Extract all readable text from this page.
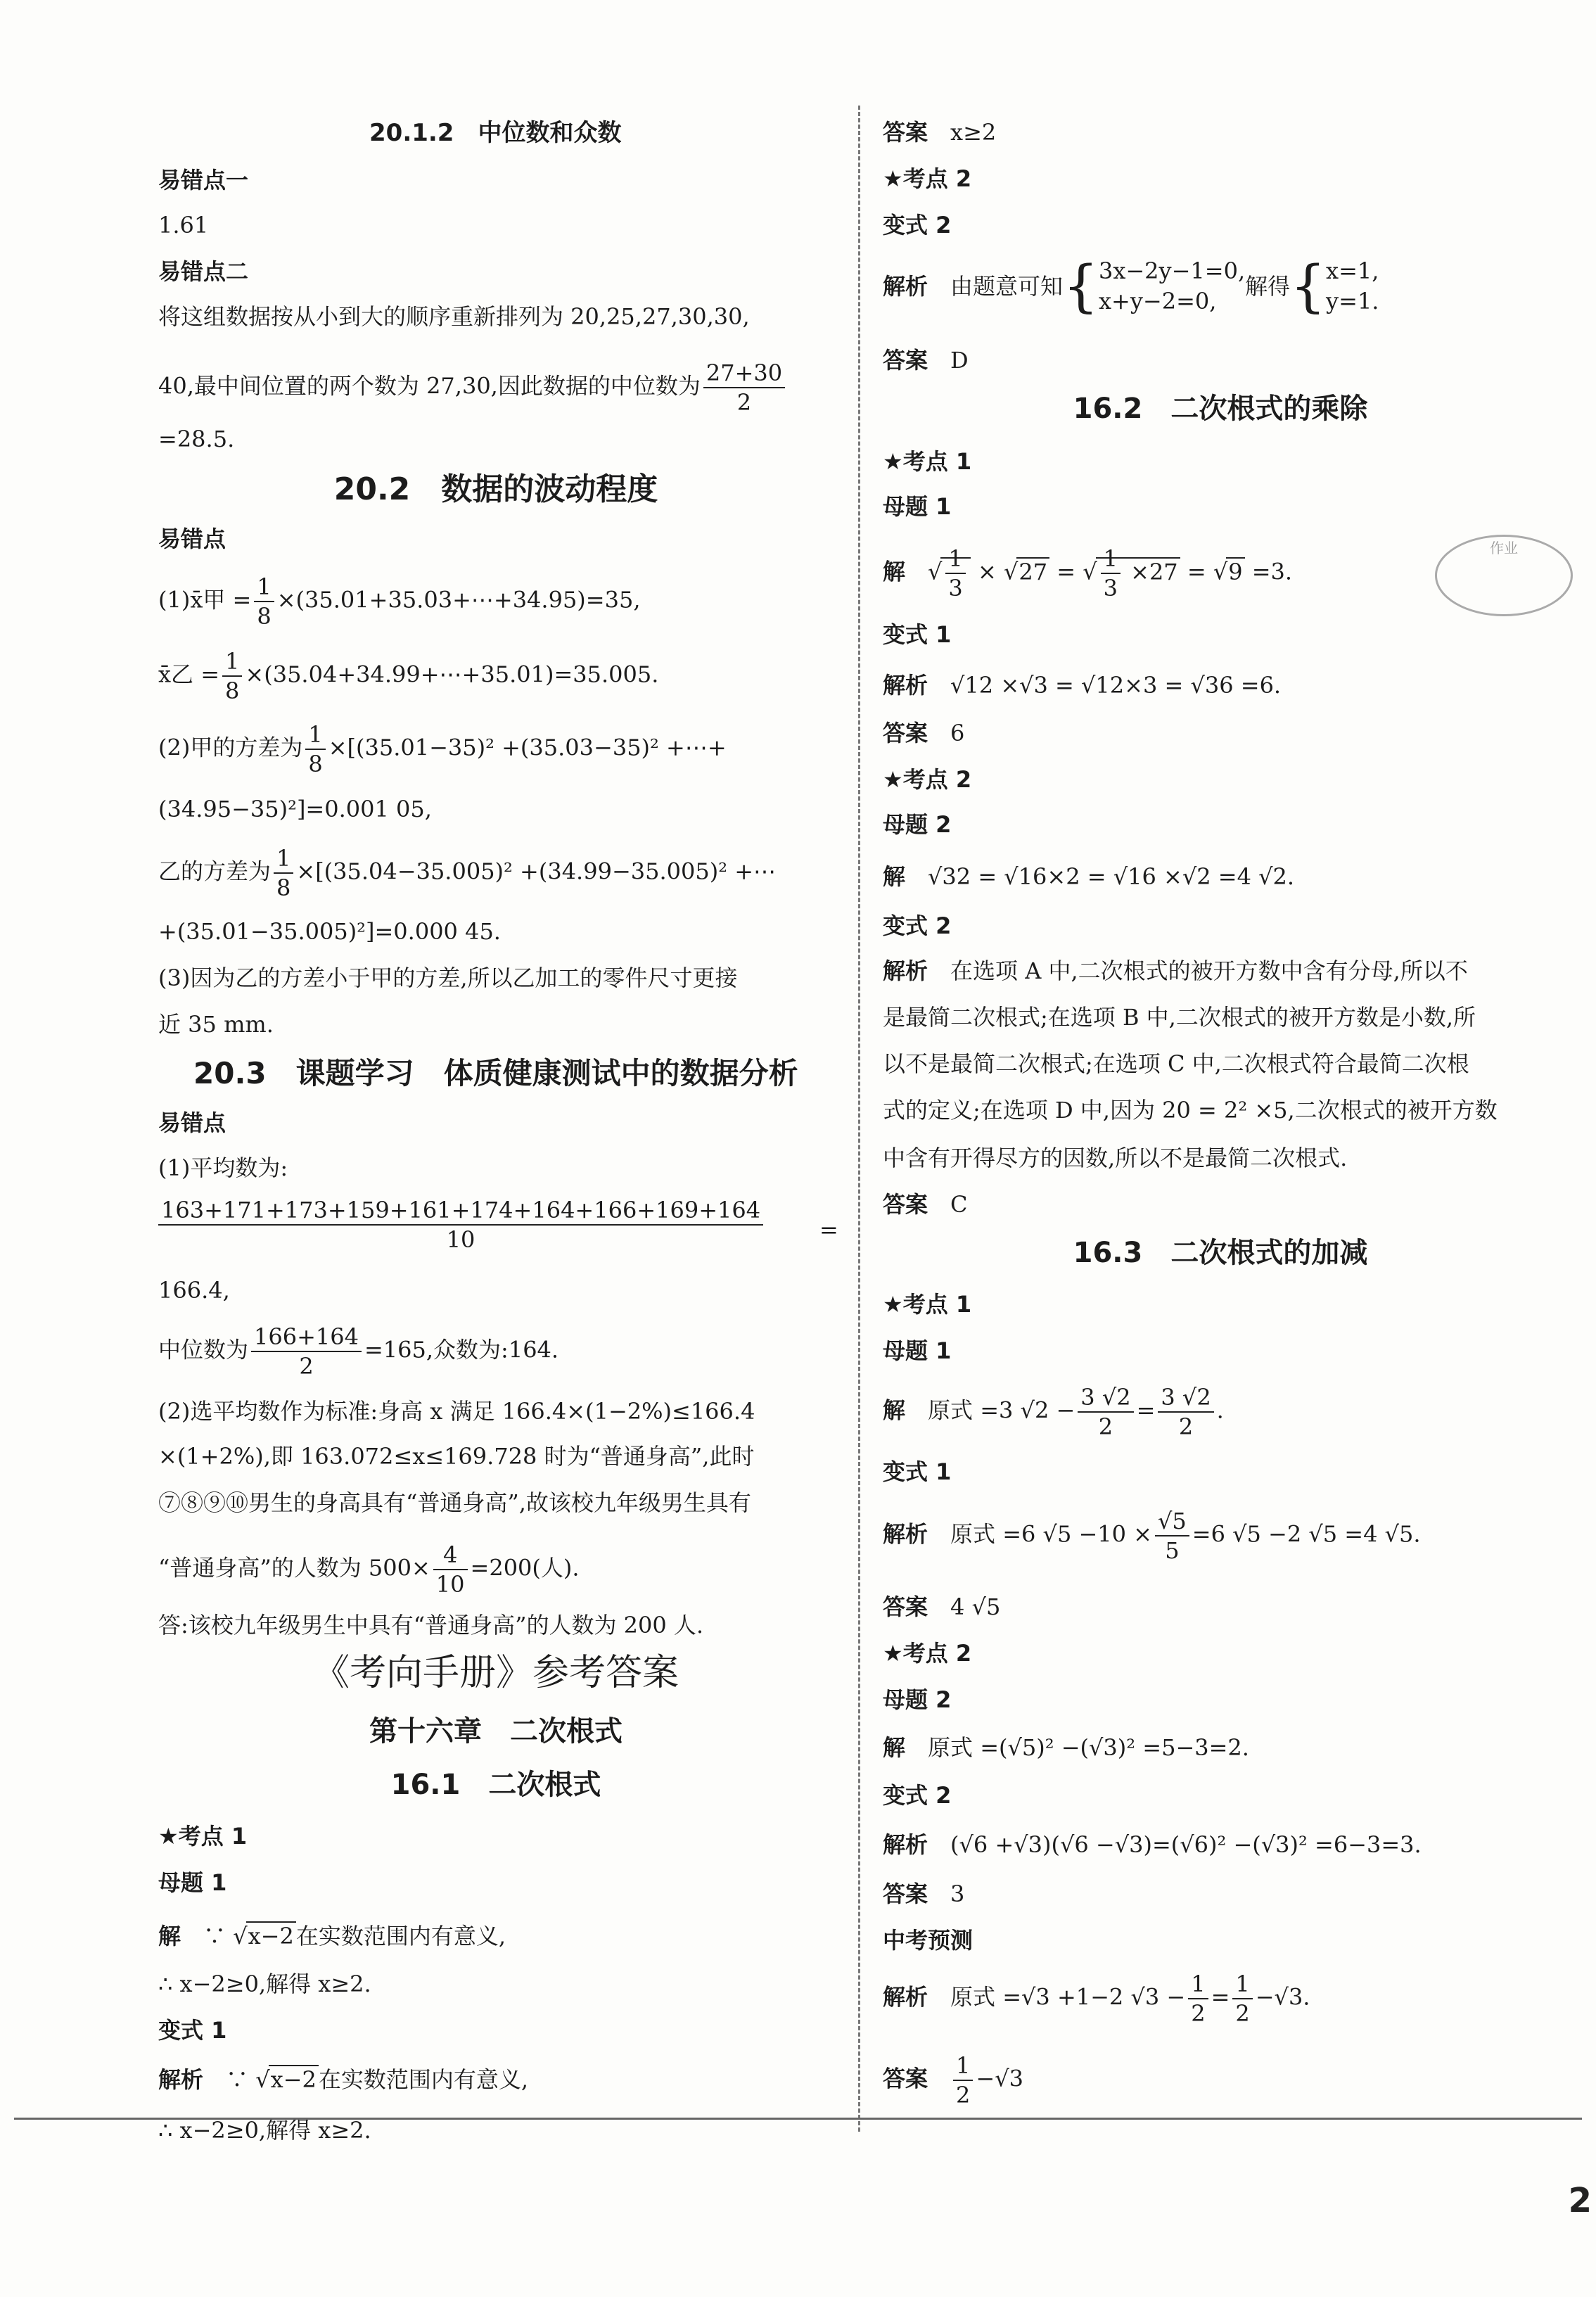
20.1.2　中位数和众数
易错点一
1.61
易错点二
将这组数据按从小到大的顺序重新排列为 20,25,27,30,30,
40,最中间位置的两个数为 27,30,因此数据的中位数为 $\frac{27+30}{2}$
=28.5.
20.2　数据的波动程度
易错点
(1)x̄甲 = $\frac{1}{8}$ ×(35.01+35.03+⋯+34.95)=35,
x̄乙 = $\frac{1}{8}$ ×(35.04+34.99+⋯+35.01)=35.005.
(2)甲的方差为 $\frac{1}{8} \times[(35.01-35)^2 +(35.03-35)^2$ +⋯+
(34.95−35)²]=0.001 05,
乙的方差为 $\frac{1}{8} \times[(35.04-35.005)^2 +(34.99-35.005)^2$ +⋯
+(35.01−35.005)²]=0.000 45.
(3)因为乙的方差小于甲的方差,所以乙加工的零件尺寸更接
近 35 mm.
20.3　课题学习　体质健康测试中的数据分析
易错点
(1)平均数为:
$\frac{163+171+173+159+161+174+164+166+169+164}{10}$ =
166.4,
中位数为 $\frac{166+164}{2} =165$,众数为:164.
(2)选平均数作为标准:身高 x 满足 166.4×(1−2%)≤166.4
×(1+2%),即 163.072≤x≤169.728 时为“普通身高”,此时
⑦⑧⑨⑩男生的身高具有“普通身高”,故该校九年级男生具有
“普通身高”的人数为 $500\times \frac{4}{10} =200$(人).
答:该校九年级男生中具有“普通身高”的人数为 200 人.
《考向手册》参考答案
第十六章　二次根式
16.1　二次根式
★考点 1
母题 1
解　 ∵ √x−2在实数范围内有意义,
∴ x−2≥0,解得 x≥2.
变式 1
解析　 ∵ √x−2在实数范围内有意义,
∴ x−2≥0,解得 x≥2.
答案　 x≥2
★考点 2
变式 2
解析　 由题意可知{ 3x−2y−1=0,
x+y−2=0,
解得{ x=1,
y=1.
答案　 D
16.2　二次根式的乘除
★考点 1
母题 1
解　√ $\frac{1}{3} \times √27$ = √ $\frac{1}{3} \times 27 = √9 =3$.
变式 1
解析　 √12 ×√3 = √12×3 = √36 =6.
答案　 6
★考点 2
母题 2
解　 √32 = √16×2 = √16 ×√2 =4 √2.
变式 2
解析　 在选项 A 中,二次根式的被开方数中含有分母,所以不
是最简二次根式;在选项 B 中,二次根式的被开方数是小数,所
以不是最简二次根式;在选项 C 中,二次根式符合最简二次根
式的定义;在选项 D 中,因为 20 = 2² ×5,二次根式的被开方数
中含有开得尽方的因数,所以不是最简二次根式.
答案　 C
16.3　二次根式的加减
★考点 1
母题 1
解　 原式 =3 $√2 - \frac{3 √2}{2} = \frac{3 √2}{2}$ .
变式 1
解析　 原式 =6 $√5 -10 \times \frac{√5}{5} =6$ √5 −2 √5 =4 √5.
答案　 4 √5
★考点 2
母题 2
解　 原式 =(√5)² −(√3)² =5−3=2.
变式 2
解析　 (√6 +√3)(√6 −√3)=(√6)² −(√3)² =6−3=3.
答案　 3
中考预测
解析　 原式 =√3 +1−2 $√3 - \frac{1}{2} = \frac{1}{2} -√3$.
答案　 $\frac{1}{2} -√3$
作业
2
